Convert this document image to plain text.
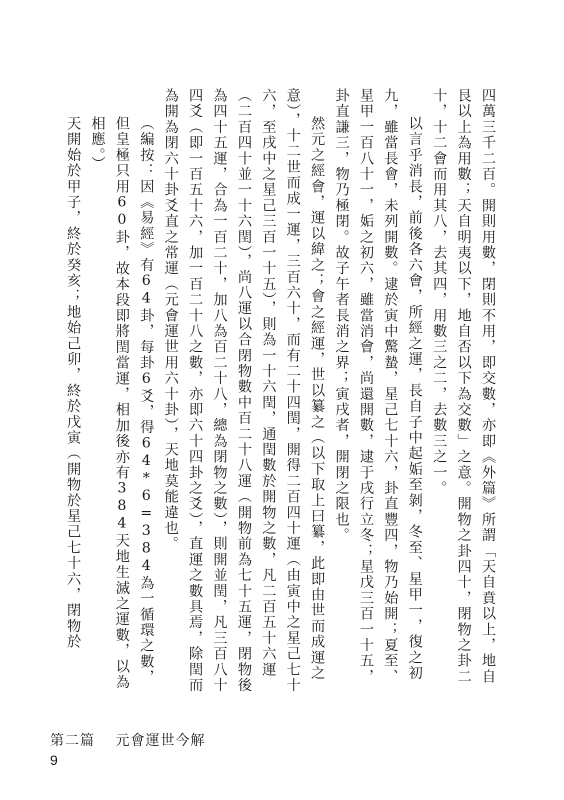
四萬三千二百。開則用數，閉則不用，即交數，亦即《外篇》所謂「天自賁以上，地自艮以上為用數；天自明夷以下，地自否以下為交數」之意。開物之卦四十，閉物之卦二十，十二會而用其八，去其四，用數三之二，去數三之一。

以言乎消長，前後各六會，所經之運，長自子中起姤至剝，冬至、星甲一，復之初九，雖當長會，未列開數。逮於寅中驚蟄，星己七十六，卦直豐四，物乃始開；夏至、星甲一百八十一，姤之初六，雖當消會，尚還開數，逮于戌行立冬；星戊三百一十五，卦直謙三，物乃極閉。故子午者長消之界；寅戌者，開閉之限也。

然元之經會，運以緯之；會之經運，世以纂之（以下取上曰纂，此即由世而成運之意），十二世而成一運，三百六十，而有二十四閏，開得二百四十運（由寅中之星己七十六，至戌中之星己三百一十五），則為一十六閏，通閏數於開物之數，凡二百五十六運（二百四十並一十六閏），尚八運以合閉物數中百二十八運（開物前為七十五運，閉物後為四十五運，合為一百二十，加八為百二十八，總為閉物之數），則開並閏，凡三百八十四爻（即一百五十六，加一百二十八之數，亦即六十四卦之爻），直運之數具焉，除閏而為開為閉六十卦爻直之常運（元會運世用六十卦），天地莫能違也。

（編按：因《易經》有64卦，每卦6爻，得64*6=384為一循環之數，但皇極只用60卦，故本段即將閏當運，相加後亦有384天地生滅之運數，以為相應。）

天開始於甲子，終於癸亥；地始己卯，終於戊寅（開物於星己七十六，閉物於

第二篇 元會運世今解
9
